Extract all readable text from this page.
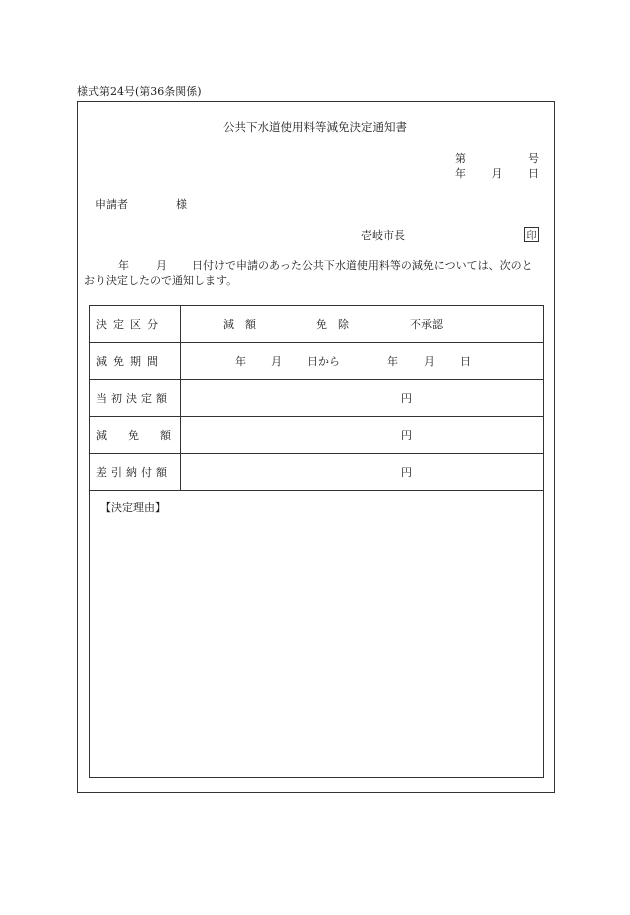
様式第24号(第36条関係)
公共下水道使用料等減免決定通知書
第	号
年 月 日
申請者	様
壱岐市長	印
年 月 日付けで申請のあった公共下水道使用料等の減免については、次のと
おり決定したので通知します。
決定区分	減　額	免　除	不承認
減免期間	年 月 日から	年 月 日
当初決定額	円
減 免 額	円
差引納付額	円
【決定理由】
